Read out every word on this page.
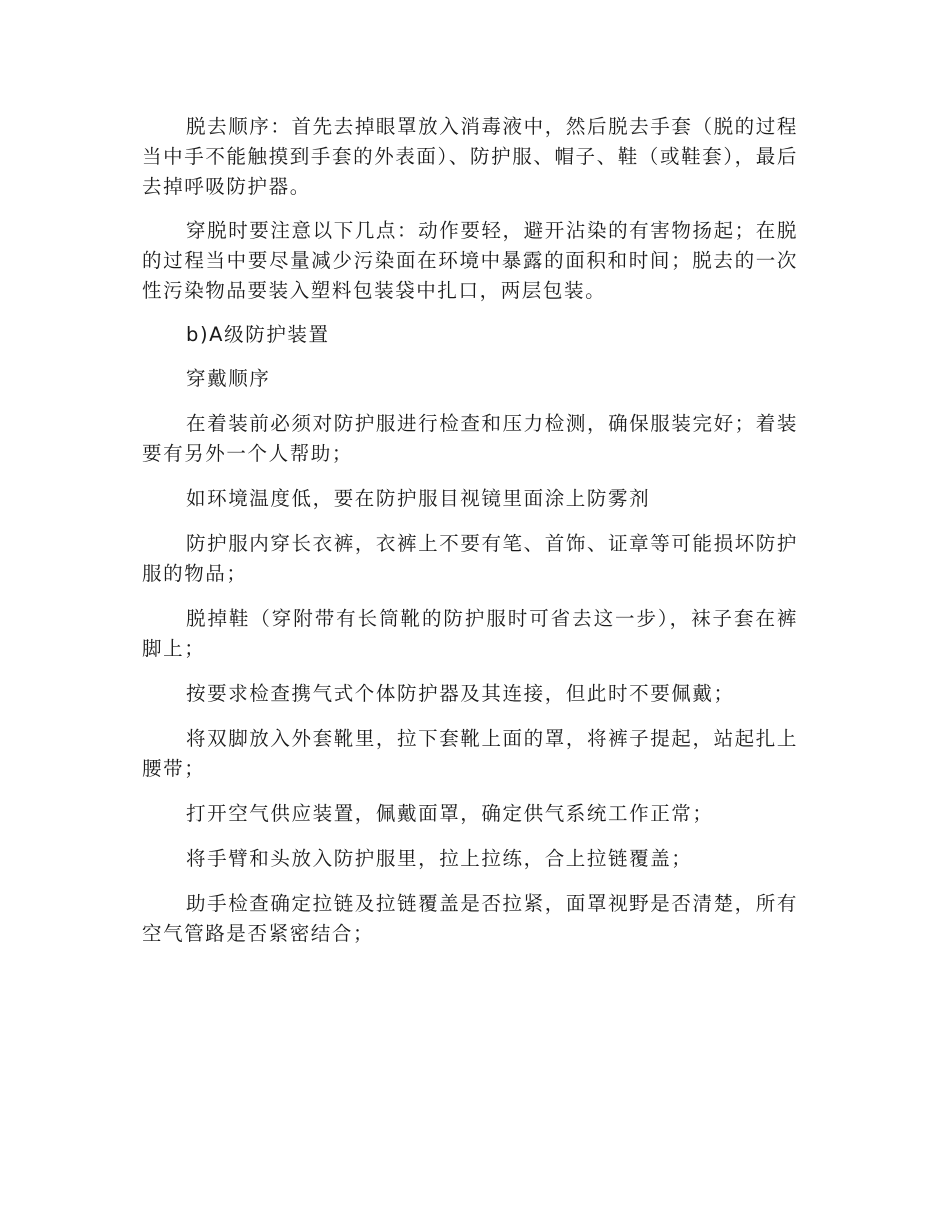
脱去顺序：首先去掉眼罩放入消毒液中，然后脱去手套（脱的过程当中手不能触摸到手套的外表面）、防护服、帽子、鞋（或鞋套），最后去掉呼吸防护器。

穿脱时要注意以下几点：动作要轻，避开沾染的有害物扬起；在脱的过程当中要尽量减少污染面在环境中暴露的面积和时间；脱去的一次性污染物品要装入塑料包装袋中扎口，两层包装。

b)A级防护装置

穿戴顺序

在着装前必须对防护服进行检查和压力检测，确保服装完好；着装要有另外一个人帮助；

如环境温度低，要在防护服目视镜里面涂上防雾剂

防护服内穿长衣裤，衣裤上不要有笔、首饰、证章等可能损坏防护服的物品；

脱掉鞋（穿附带有长筒靴的防护服时可省去这一步），袜子套在裤脚上；

按要求检查携气式个体防护器及其连接，但此时不要佩戴；

将双脚放入外套靴里，拉下套靴上面的罩，将裤子提起，站起扎上腰带；

打开空气供应装置，佩戴面罩，确定供气系统工作正常；

将手臂和头放入防护服里，拉上拉练，合上拉链覆盖；

助手检查确定拉链及拉链覆盖是否拉紧，面罩视野是否清楚，所有空气管路是否紧密结合；
